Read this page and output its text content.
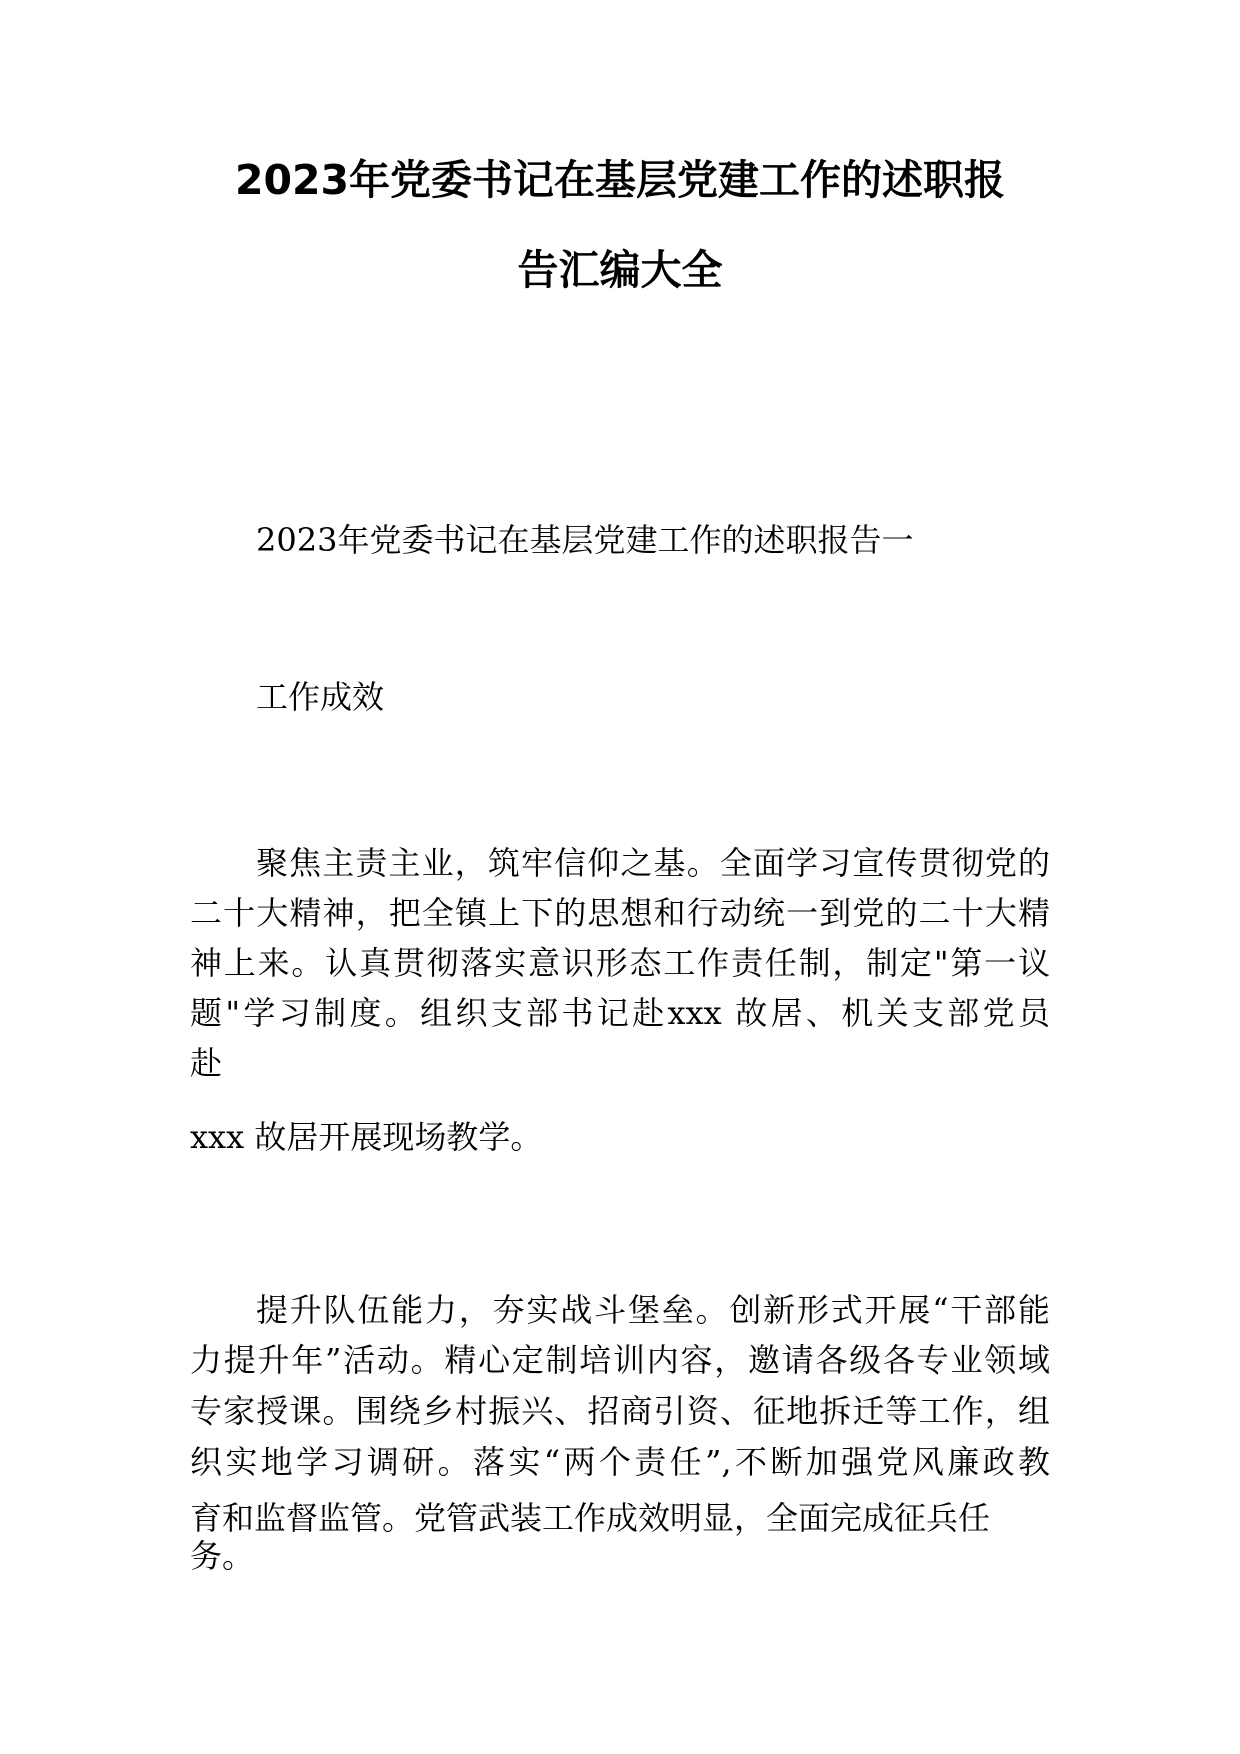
2023年党委书记在基层党建工作的述职报
告汇编大全
2023年党委书记在基层党建工作的述职报告一
工作成效
聚焦主责主业，筑牢信仰之基。全面学习宣传贯彻党的
二十大精神，把全镇上下的思想和行动统一到党的二十大精
神上来。认真贯彻落实意识形态工作责任制，制定"第一议
题"学习制度。组织支部书记赴xxx 故居、机关支部党员
赴
xxx 故居开展现场教学。
提升队伍能力，夯实战斗堡垒。创新形式开展“干部能
力提升年”活动。精心定制培训内容，邀请各级各专业领域
专家授课。围绕乡村振兴、招商引资、征地拆迁等工作，组
织实地学习调研。落实“两个责任”,不断加强党风廉政教
育和监督监管。党管武装工作成效明显，全面完成征兵任
务。
